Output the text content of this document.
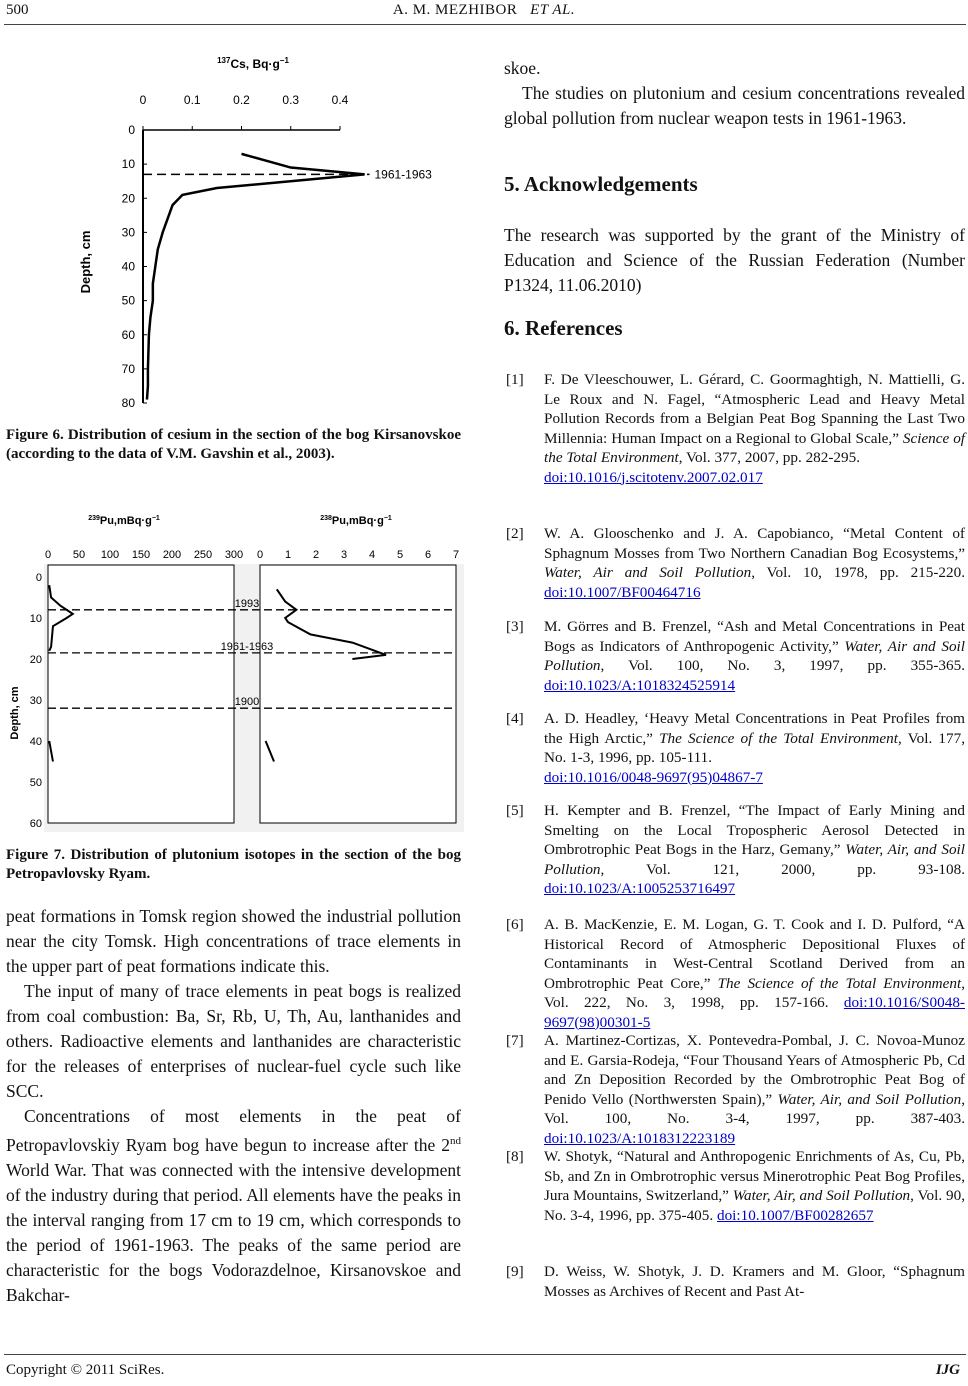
500	A. M. MEZHIBOR ET AL.
$^{137}$Cs, $Bq\cdot g^{-1}$
0	0.1	0.2	0.3	0.4
0
10
20
30
40
50
60
70
80
1961-1963
Depth, cm
Figure 6. Distribution of cesium in the section of the bog Kirsanovskoe (according to the data of V.M. Gavshin et al., 2003).
$^{239}Pu,mBq\cdot g^{-1}$	$^{238}Pu,mBq\cdot g^{-1}$
0 50 100 150 200 250 300 0 1 2 3 4 5 6 7
0
10
20
30
40
50
60
1993
1961-1963
1900
Depth, cm
Figure 7. Distribution of plutonium isotopes in the section of the bog Petropavlovsky Ryam.

peat formations in Tomsk region showed the industrial pollution near the city Tomsk. High concentrations of trace elements in the upper part of peat formations indicate this.

The input of many of trace elements in peat bogs is realized from coal combustion: Ba, Sr, Rb, U, Th, Au, lanthanides and others. Radioactive elements and lanthanides are characteristic for the releases of enterprises of nuclear-fuel cycle such like SCC.

Concentrations of most elements in the peat of Petropavlovskiy Ryam bog have begun to increase after the 2nd World War. That was connected with the intensive development of the industry during that period. All elements have the peaks in the interval ranging from 17 cm to 19 cm, which corresponds to the period of 1961-1963. The peaks of the same period are characteristic for the bogs Vodorazdelnoe, Kirsanovskoe and Bakchar-

skoe.

The studies on plutonium and cesium concentrations revealed global pollution from nuclear weapon tests in 1961-1963.

5. Acknowledgements
The research was supported by the grant of the Ministry of Education and Science of the Russian Federation (Number P1324, 11.06.2010)
6. References
[1] F. De Vleeschouwer, L. Gérard, C. Goormaghtigh, N. Mattielli, G. Le Roux and N. Fagel, “Atmospheric Lead and Heavy Metal Pollution Records from a Belgian Peat Bog Spanning the Last Two Millennia: Human Impact on a Regional to Global Scale,” Science of the Total Environment, Vol. 377, 2007, pp. 282-295.
doi:10.1016/j.scitotenv.2007.02.017
[2] W. A. Glooschenko and J. A. Capobianco, “Metal Content of Sphagnum Mosses from Two Northern Canadian Bog Ecosystems,” Water, Air and Soil Pollution, Vol. 10, 1978, pp. 215-220. doi:10.1007/BF00464716
[3] M. Görres and B. Frenzel, “Ash and Metal Concentrations in Peat Bogs as Indicators of Anthropogenic Activity,” Water, Air and Soil Pollution, Vol. 100, No. 3, 1997, pp. 355-365. doi:10.1023/A:1018324525914
[4] A. D. Headley, ‘Heavy Metal Concentrations in Peat Profiles from the High Arctic,” The Science of the Total Environment, Vol. 177, No. 1-3, 1996, pp. 105-111.
doi:10.1016/0048-9697(95)04867-7
[5] H. Kempter and B. Frenzel, “The Impact of Early Mining and Smelting on the Local Tropospheric Aerosol Detected in Ombrotrophic Peat Bogs in the Harz, Gemany,” Water, Air, and Soil Pollution, Vol. 121, 2000, pp. 93-108. doi:10.1023/A:1005253716497
[6] A. B. MacKenzie, E. M. Logan, G. T. Cook and I. D. Pulford, “A Historical Record of Atmospheric Depositional Fluxes of Contaminants in West-Central Scotland Derived from an Ombrotrophic Peat Core,” The Science of the Total Environment, Vol. 222, No. 3, 1998, pp. 157-166. doi:10.1016/S0048-9697(98)00301-5
[7] A. Martinez-Cortizas, X. Pontevedra-Pombal, J. C. Novoa-Munoz and E. Garsia-Rodeja, “Four Thousand Years of Atmospheric Pb, Cd and Zn Deposition Recorded by the Ombrotrophic Peat Bog of Penido Vello (Northwersten Spain),” Water, Air, and Soil Pollution, Vol. 100, No. 3-4, 1997, pp. 387-403. doi:10.1023/A:1018312223189
[8] W. Shotyk, “Natural and Anthropogenic Enrichments of As, Cu, Pb, Sb, and Zn in Ombrotrophic versus Minerotrophic Peat Bog Profiles, Jura Mountains, Switzerland,” Water, Air, and Soil Pollution, Vol. 90, No. 3-4, 1996, pp. 375-405. doi:10.1007/BF00282657
[9] D. Weiss, W. Shotyk, J. D. Kramers and M. Gloor, “Sphagnum Mosses as Archives of Recent and Past At-
Copyright © 2011 SciRes.	IJG
